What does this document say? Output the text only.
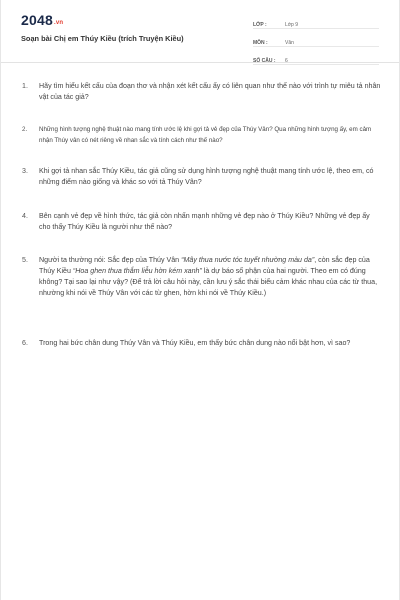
2048.vn
Soạn bài Chị em Thúy Kiều (trích Truyện Kiều)
LỚP :	Lớp 9
MÔN :	Văn
SỐ CÂU :	6
1.	Hãy tìm hiểu kết cấu của đoạn thơ và nhận xét kết cấu ấy có liên quan như thế nào với trình tự miêu tả nhân vật của tác giả?
2.	Những hình tượng nghệ thuật nào mang tính ước lệ khi gợi tả vẻ đẹp của Thúy Vân? Qua những hình tượng ấy, em cảm nhận Thúy vân có nét riêng về nhan sắc và tính cách như thế nào?
3.	Khi gợi tả nhan sắc Thúy Kiều, tác giả cũng sử dụng hình tượng nghệ thuật mang tính ước lệ, theo em, có những điểm nào giống và khác so với tả Thúy Vân?
4.	Bên cạnh vẻ đẹp về hình thức, tác giả còn nhấn mạnh những vẻ đẹp nào ở Thúy Kiều? Những vẻ đẹp ấy cho thấy Thúy Kiều là người như thế nào?
5.	Người ta thường nói: Sắc đẹp của Thúy Vân “Mây thua nước tóc tuyết nhường màu da”, còn sắc đẹp của Thúy Kiều “Hoa ghen thua thắm liễu hờn kém xanh” là dự báo số phận của hai người. Theo em có đúng không? Tại sao lại như vậy? (Để trả lời câu hỏi này, cần lưu ý sắc thái biểu cảm khác nhau của các từ thua, nhường khi nói về Thúy Vân với các từ ghen, hờn khi nói về Thúy Kiều.)
6.	Trong hai bức chân dung Thúy Vân và Thúy Kiều, em thấy bức chân dung nào nổi bật hơn, vì sao?
